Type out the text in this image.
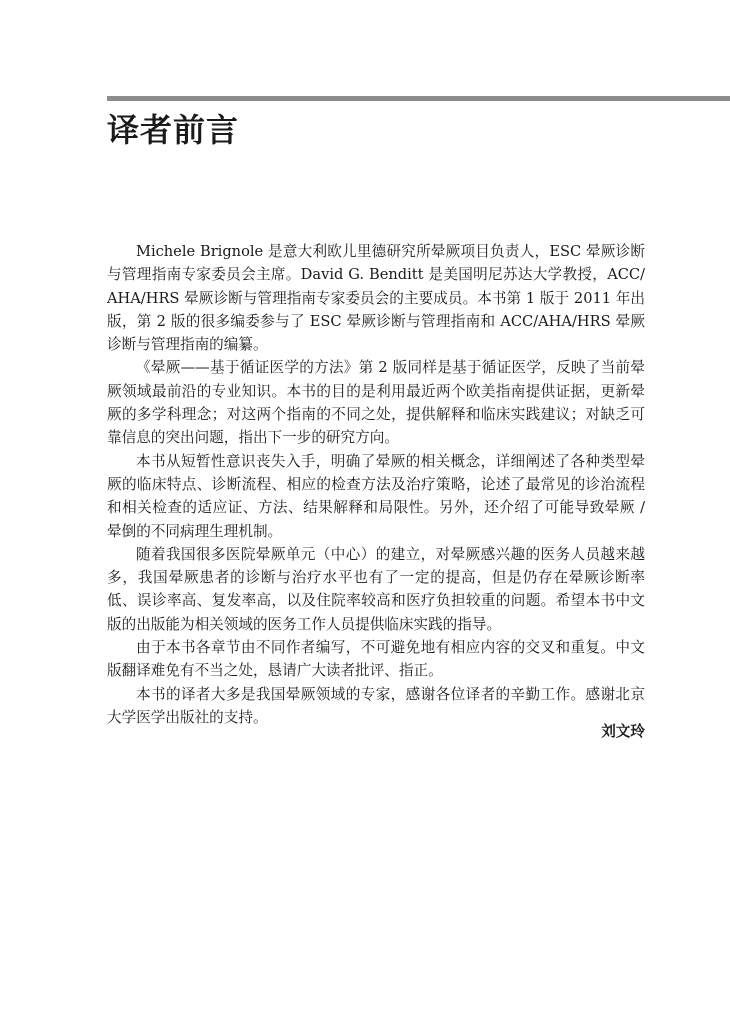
译者前言

Michele Brignole 是意大利欧儿里德研究所晕厥项目负责人，ESC 晕厥诊断与管理指南专家委员会主席。David G. Benditt 是美国明尼苏达大学教授，ACC/AHA/HRS 晕厥诊断与管理指南专家委员会的主要成员。本书第 1 版于 2011 年出版，第 2 版的很多编委参与了 ESC 晕厥诊断与管理指南和 ACC/AHA/HRS 晕厥诊断与管理指南的编纂。

《晕厥——基于循证医学的方法》第 2 版同样是基于循证医学，反映了当前晕厥领域最前沿的专业知识。本书的目的是利用最近两个欧美指南提供证据，更新晕厥的多学科理念；对这两个指南的不同之处，提供解释和临床实践建议；对缺乏可靠信息的突出问题，指出下一步的研究方向。

本书从短暂性意识丧失入手，明确了晕厥的相关概念，详细阐述了各种类型晕厥的临床特点、诊断流程、相应的检查方法及治疗策略，论述了最常见的诊治流程和相关检查的适应证、方法、结果解释和局限性。另外，还介绍了可能导致晕厥 / 晕倒的不同病理生理机制。

随着我国很多医院晕厥单元（中心）的建立，对晕厥感兴趣的医务人员越来越多，我国晕厥患者的诊断与治疗水平也有了一定的提高，但是仍存在晕厥诊断率低、误诊率高、复发率高，以及住院率较高和医疗负担较重的问题。希望本书中文版的出版能为相关领域的医务工作人员提供临床实践的指导。

由于本书各章节由不同作者编写，不可避免地有相应内容的交叉和重复。中文版翻译难免有不当之处，恳请广大读者批评、指正。

本书的译者大多是我国晕厥领域的专家，感谢各位译者的辛勤工作。感谢北京大学医学出版社的支持。

刘文玲
